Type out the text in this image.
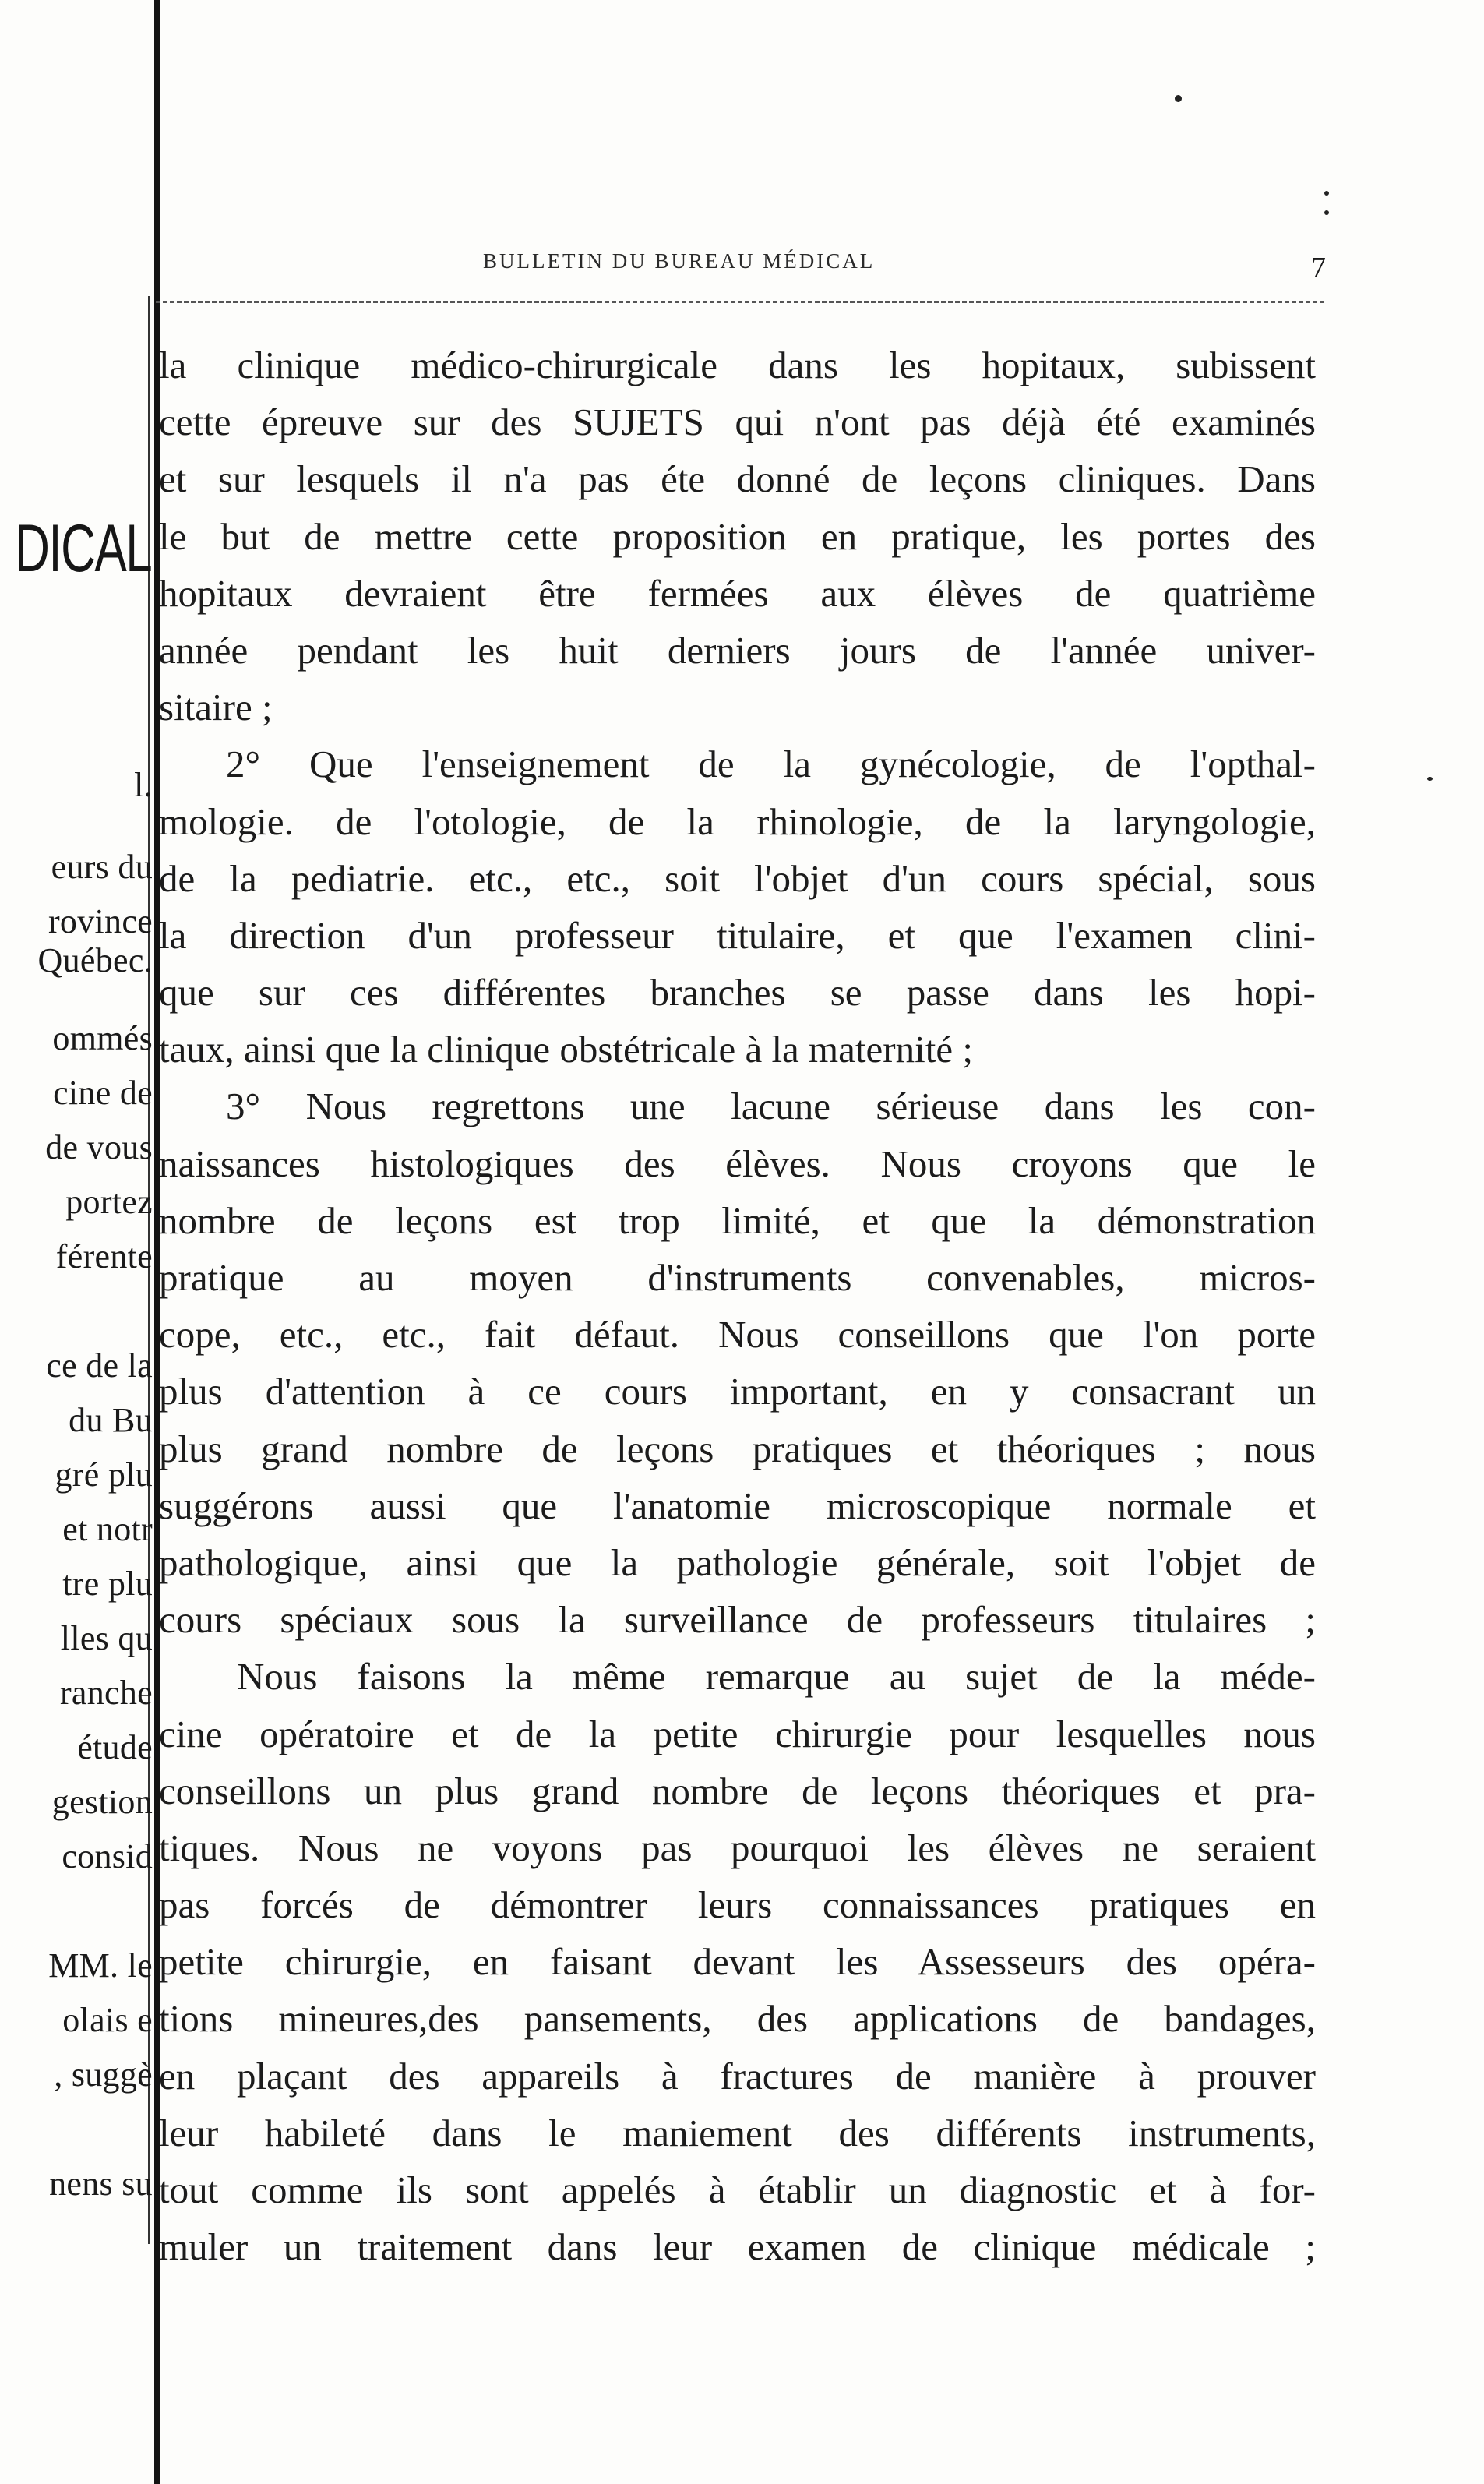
DICAL
l.
eurs du
rovince
Québec.
ommés
cine de
de vous
portez
férente
ce de la
du Bu
gré plu
et notr
tre plu
lles qu
ranche
étude
gestion
consid
MM. le
olais e
, suggè
nens su
BULLETIN DU BUREAU MÉDICAL	7
la clinique médico-chirurgicale dans les hopitaux, subissent
cette épreuve sur des SUJETS qui n'ont pas déjà été examinés
et sur lesquels il n'a pas éte donné de leçons cliniques. Dans
le but de mettre cette proposition en pratique, les portes des
hopitaux devraient être fermées aux élèves de quatrième
année pendant les huit derniers jours de l'année univer-
sitaire ;
2° Que l'enseignement de la gynécologie, de l'opthal-
mologie. de l'otologie, de la rhinologie, de la laryngologie,
de la pediatrie. etc., etc., soit l'objet d'un cours spécial, sous
la direction d'un professeur titulaire, et que l'examen clini-
que sur ces différentes branches se passe dans les hopi-
taux, ainsi que la clinique obstétricale à la maternité ;
3° Nous regrettons une lacune sérieuse dans les con-
naissances histologiques des élèves. Nous croyons que le
nombre de leçons est trop limité, et que la démonstration
pratique au moyen d'instruments convenables, micros-
cope, etc., etc., fait défaut. Nous conseillons que l'on porte
plus d'attention à ce cours important, en y consacrant un
plus grand nombre de leçons pratiques et théoriques ; nous
suggérons aussi que l'anatomie microscopique normale et
pathologique, ainsi que la pathologie générale, soit l'objet de
cours spéciaux sous la surveillance de professeurs titulaires ;
Nous faisons la même remarque au sujet de la méde-
cine opératoire et de la petite chirurgie pour lesquelles nous
conseillons un plus grand nombre de leçons théoriques et pra-
tiques. Nous ne voyons pas pourquoi les élèves ne seraient
pas forcés de démontrer leurs connaissances pratiques en
petite chirurgie, en faisant devant les Assesseurs des opéra-
tions mineures,des pansements, des applications de bandages,
en plaçant des appareils à fractures de manière à prouver
leur habileté dans le maniement des différents instruments,
tout comme ils sont appelés à établir un diagnostic et à for-
muler un traitement dans leur examen de clinique médicale ;
